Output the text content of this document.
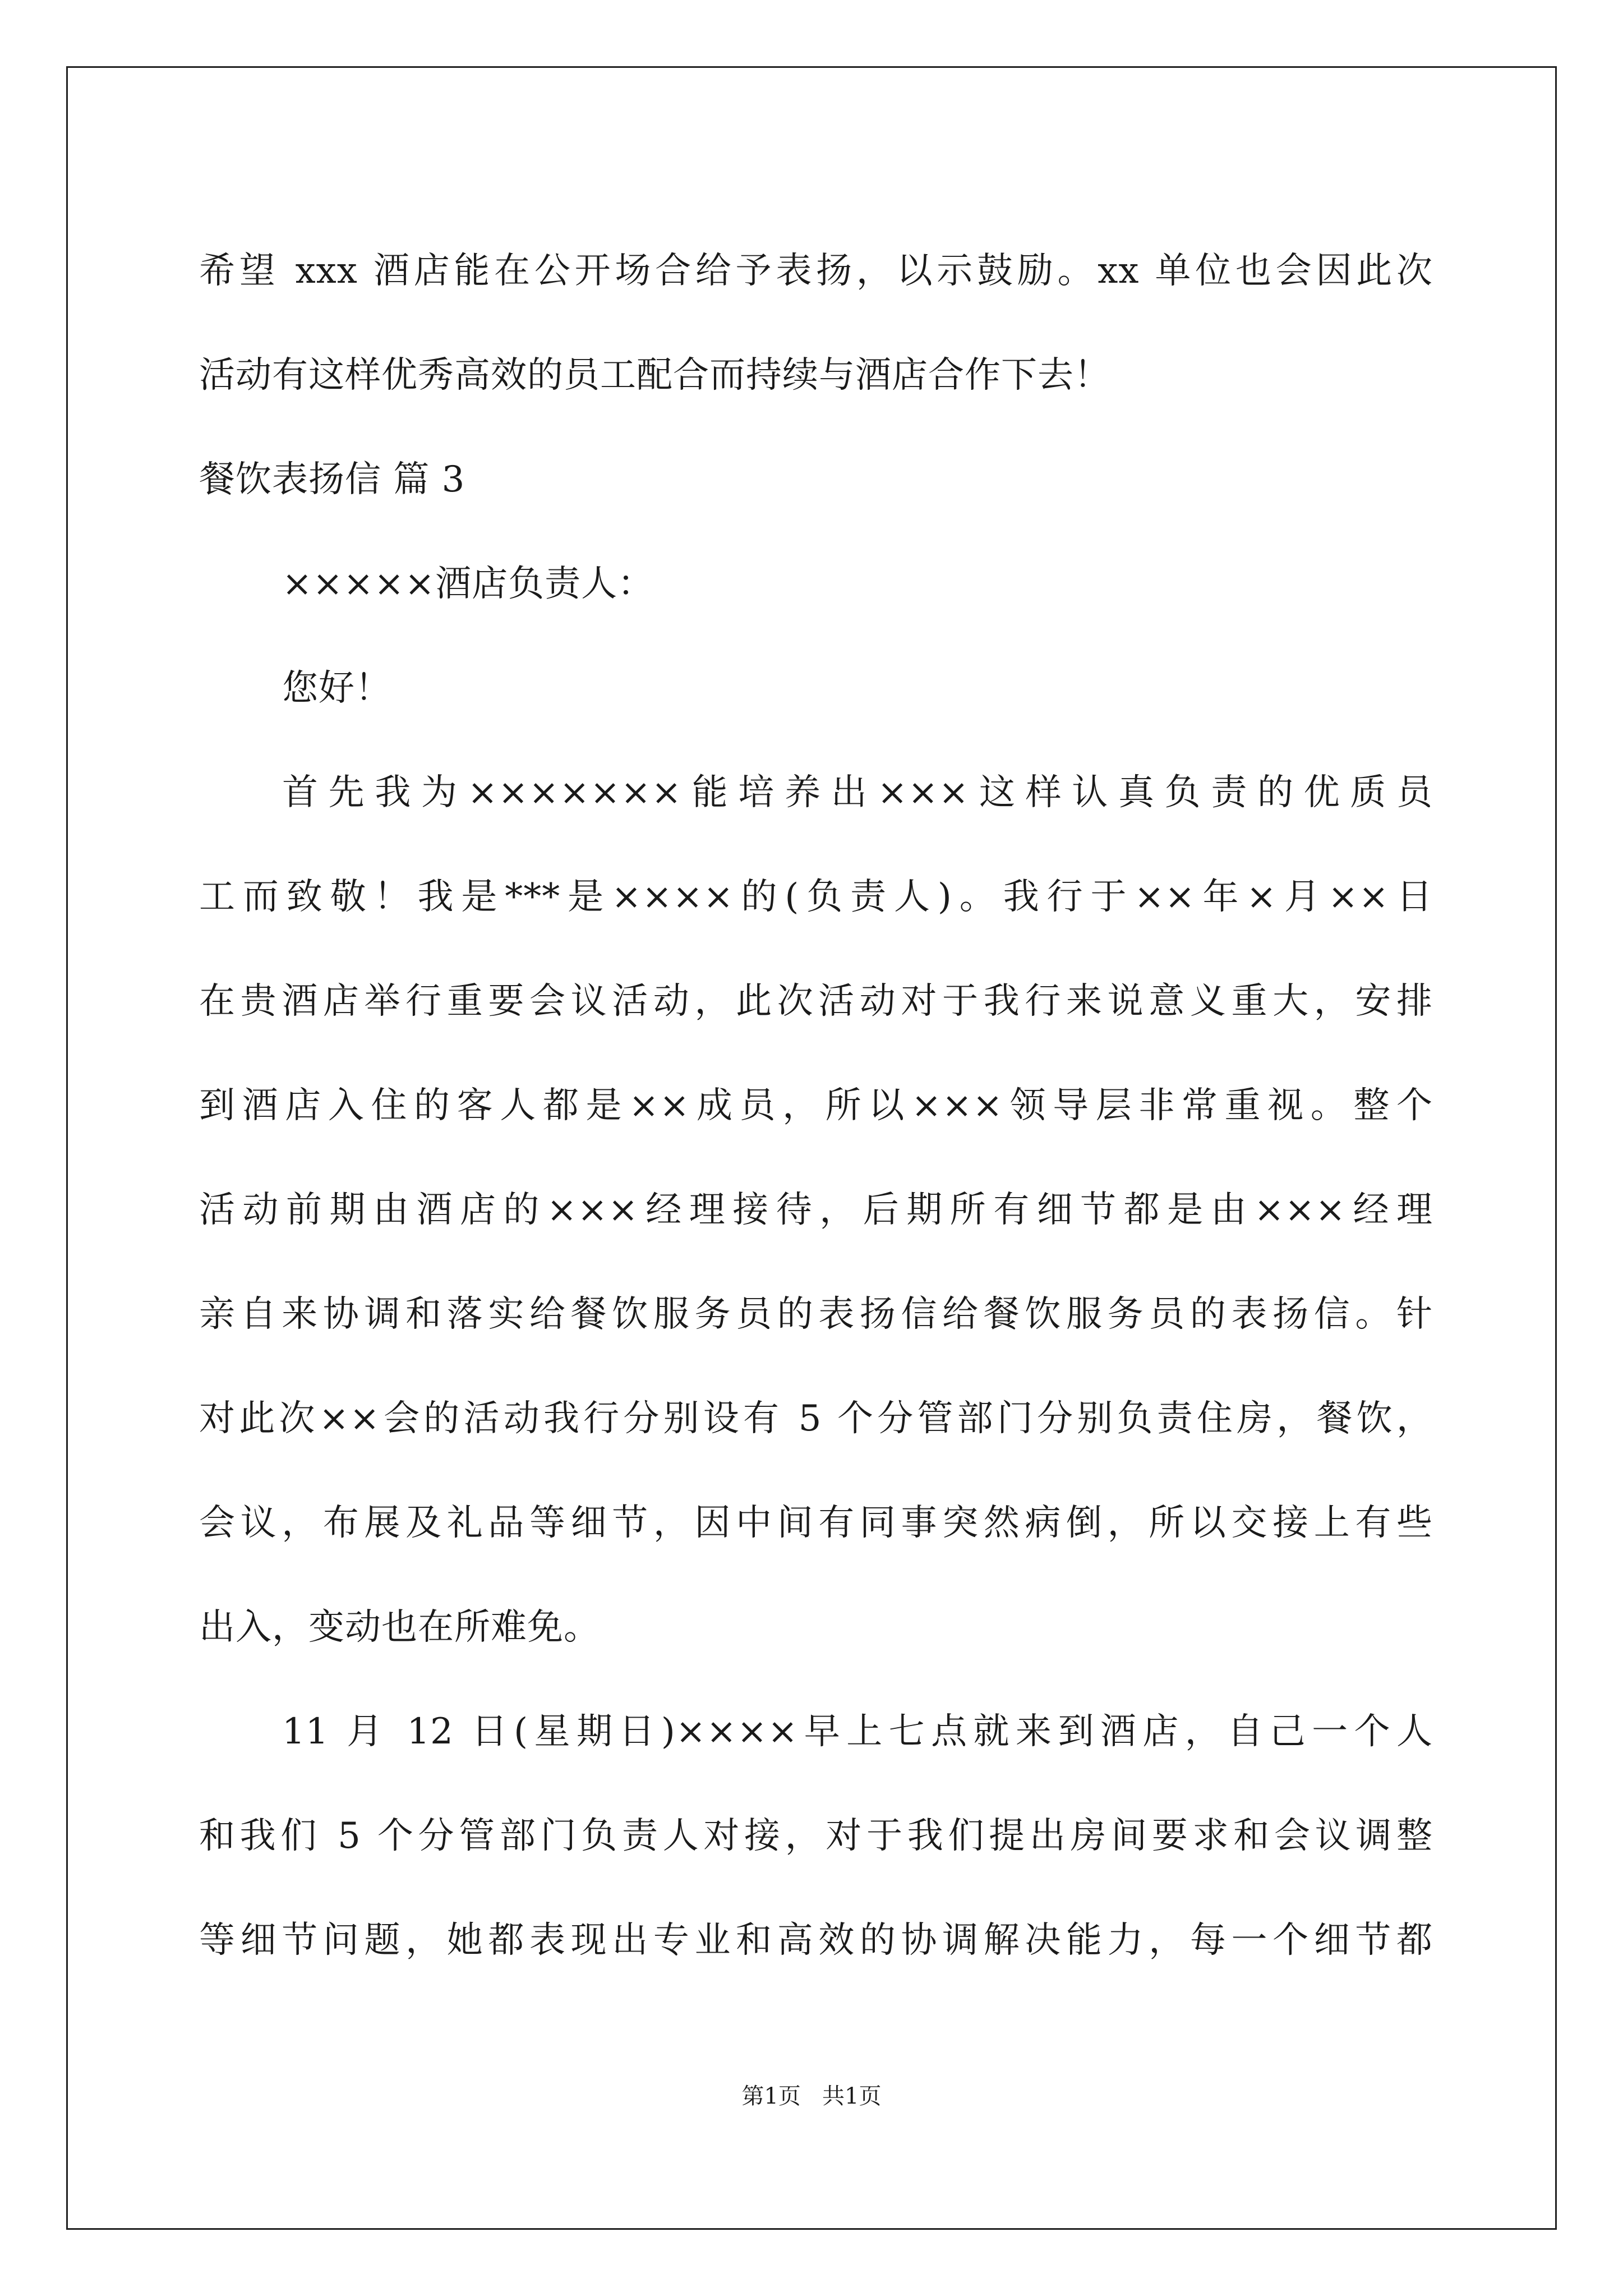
希望 xxx 酒店能在公开场合给予表扬，以示鼓励。xx 单位也会因此次
活动有这样优秀高效的员工配合而持续与酒店合作下去！
餐饮表扬信 篇 3
×××××酒店负责人：
您好！
首先我为×××××××能培养出×××这样认真负责的优质员
工而致敬！我是***是××××的(负责人)。我行于××年×月××日
在贵酒店举行重要会议活动，此次活动对于我行来说意义重大，安排
到酒店入住的客人都是××成员，所以×××领导层非常重视。整个
活动前期由酒店的×××经理接待，后期所有细节都是由×××经理
亲自来协调和落实给餐饮服务员的表扬信给餐饮服务员的表扬信。针
对此次××会的活动我行分别设有 5 个分管部门分别负责住房，餐饮，
会议，布展及礼品等细节，因中间有同事突然病倒，所以交接上有些
出入，变动也在所难免。
11 月 12 日(星期日)××××早上七点就来到酒店，自己一个人
和我们 5 个分管部门负责人对接，对于我们提出房间要求和会议调整
等细节问题，她都表现出专业和高效的协调解决能力，每一个细节都
第1页   共1页
